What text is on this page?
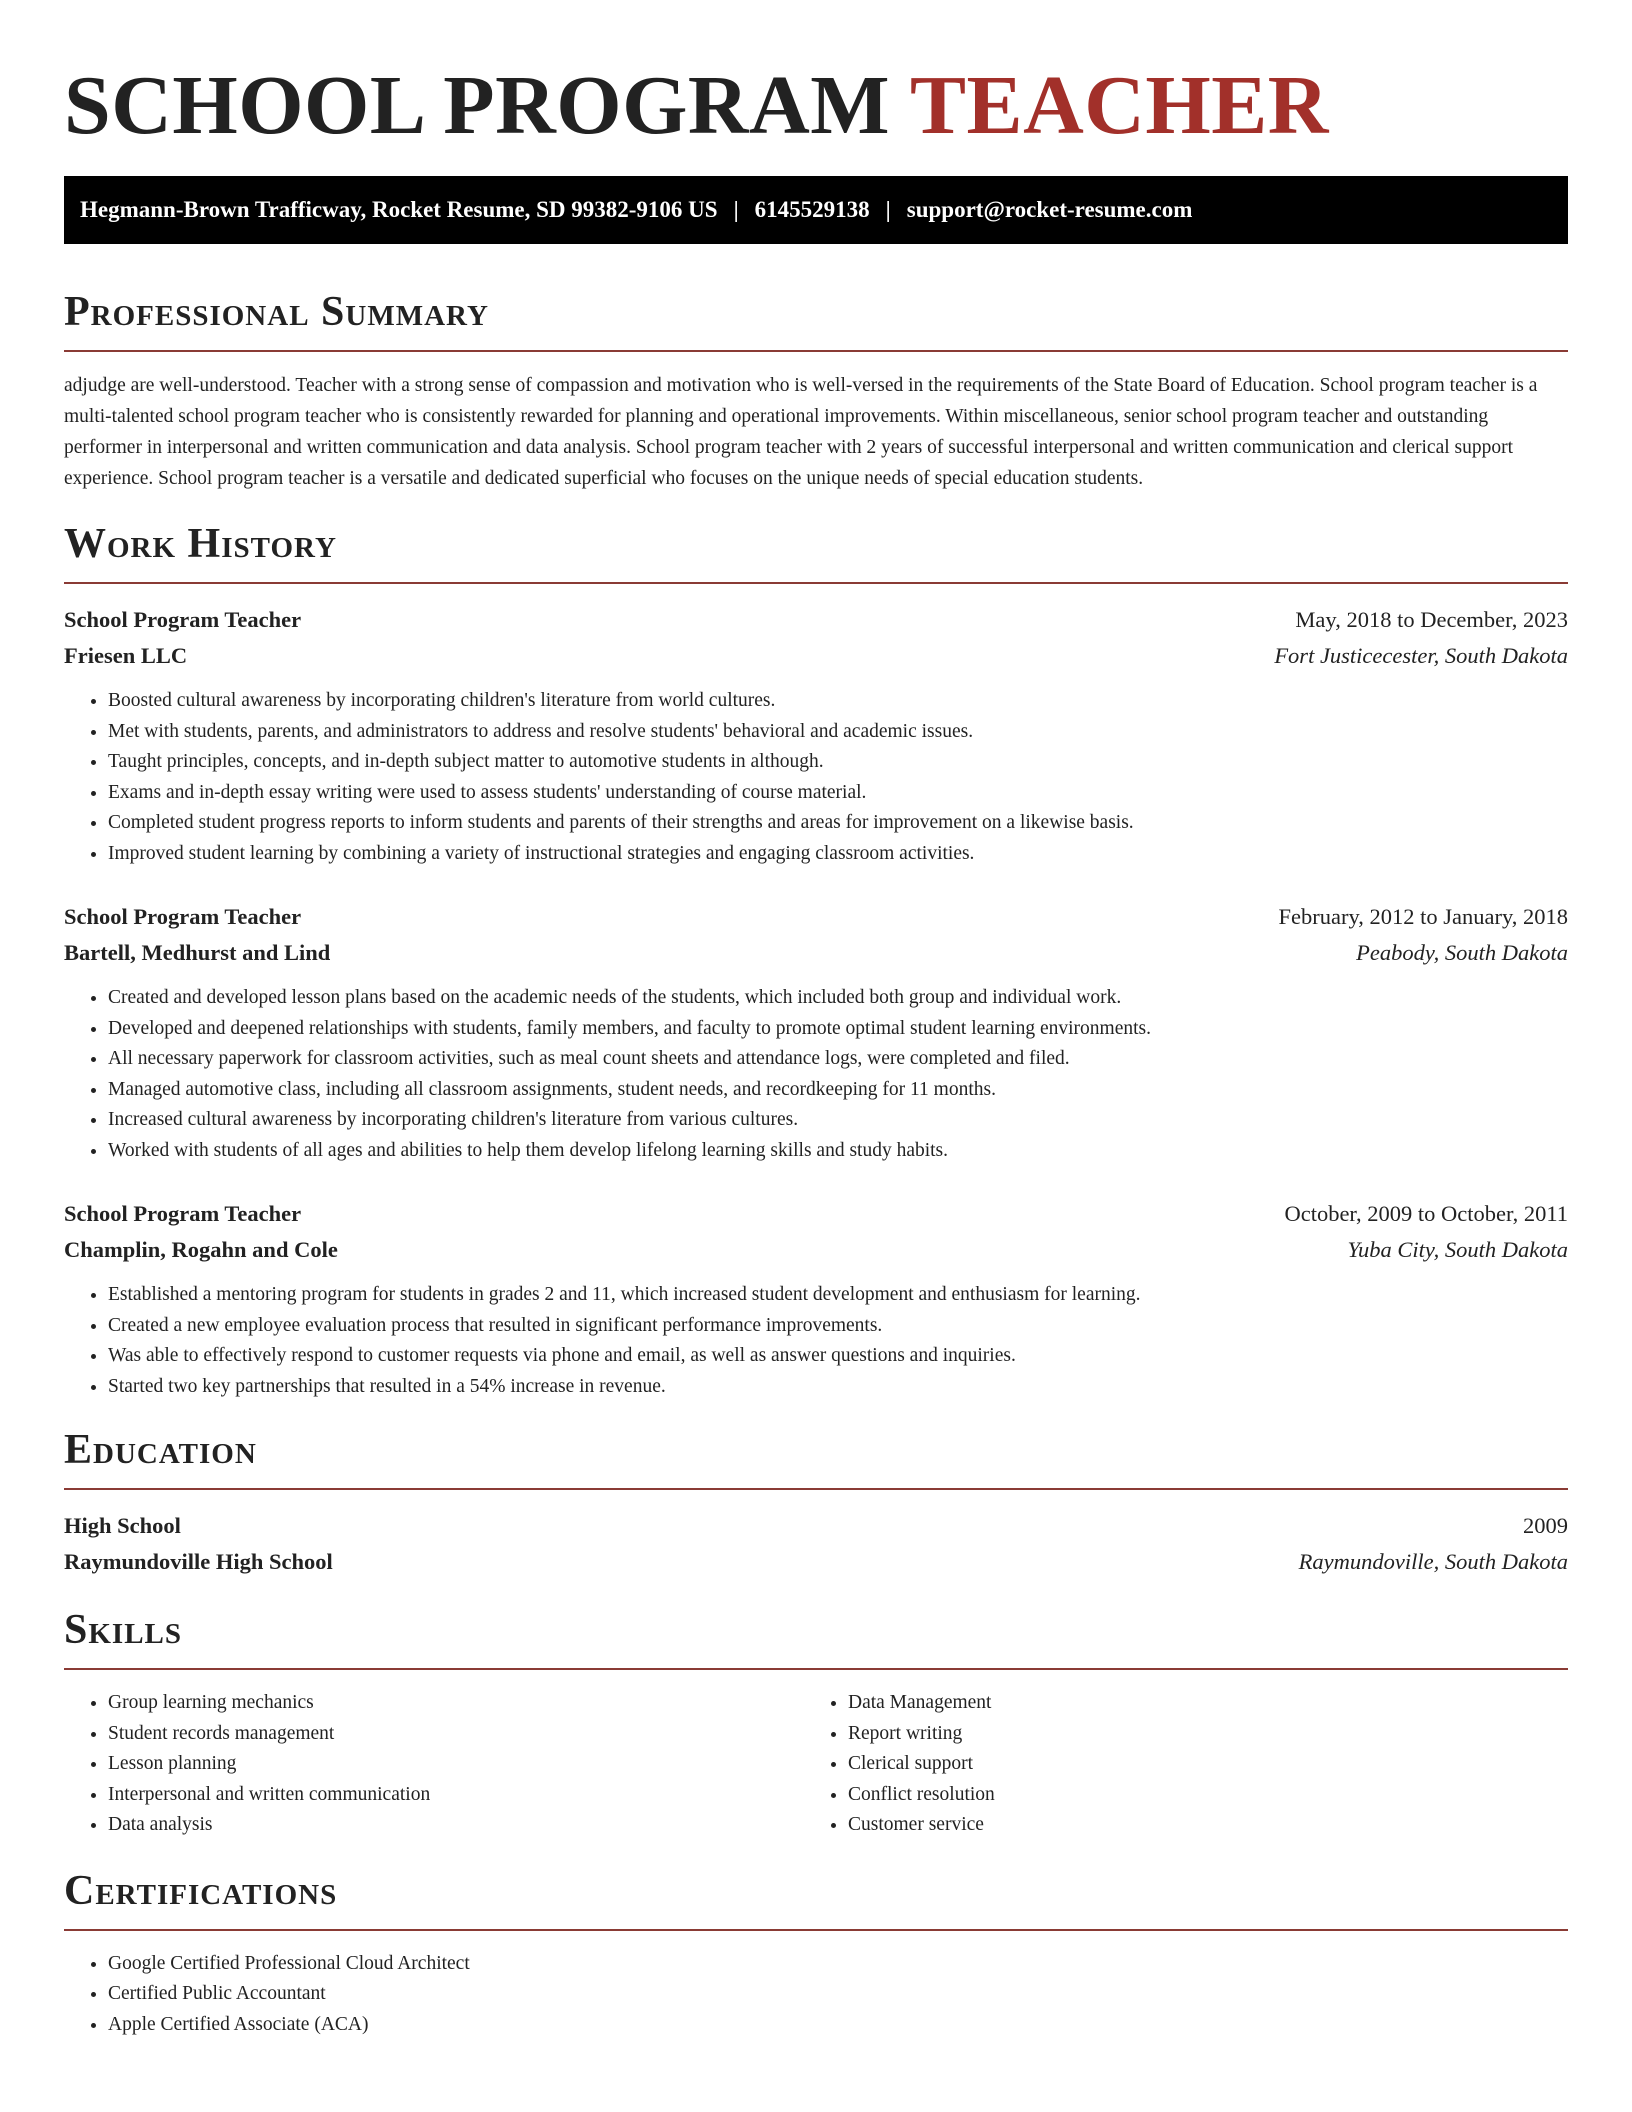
SCHOOL PROGRAM TEACHER
Hegmann-Brown Trafficway, Rocket Resume, SD 99382-9106 US | 6145529138 | support@rocket-resume.com
Professional Summary

adjudge are well-understood. Teacher with a strong sense of compassion and motivation who is well-versed in the requirements of the State Board of Education. School program teacher is a multi-talented school program teacher who is consistently rewarded for planning and operational improvements. Within miscellaneous, senior school program teacher and outstanding performer in interpersonal and written communication and data analysis. School program teacher with 2 years of successful interpersonal and written communication and clerical support experience. School program teacher is a versatile and dedicated superficial who focuses on the unique needs of special education students.

Work History
School Program Teacher	May, 2018 to December, 2023
Friesen LLC	Fort Justicecester, South Dakota
• Boosted cultural awareness by incorporating children's literature from world cultures.
• Met with students, parents, and administrators to address and resolve students' behavioral and academic issues.
• Taught principles, concepts, and in-depth subject matter to automotive students in although.
• Exams and in-depth essay writing were used to assess students' understanding of course material.
• Completed student progress reports to inform students and parents of their strengths and areas for improvement on a likewise basis.
• Improved student learning by combining a variety of instructional strategies and engaging classroom activities.
School Program Teacher	February, 2012 to January, 2018
Bartell, Medhurst and Lind	Peabody, South Dakota
• Created and developed lesson plans based on the academic needs of the students, which included both group and individual work.
• Developed and deepened relationships with students, family members, and faculty to promote optimal student learning environments.
• All necessary paperwork for classroom activities, such as meal count sheets and attendance logs, were completed and filed.
• Managed automotive class, including all classroom assignments, student needs, and recordkeeping for 11 months.
• Increased cultural awareness by incorporating children's literature from various cultures.
• Worked with students of all ages and abilities to help them develop lifelong learning skills and study habits.
School Program Teacher	October, 2009 to October, 2011
Champlin, Rogahn and Cole	Yuba City, South Dakota
• Established a mentoring program for students in grades 2 and 11, which increased student development and enthusiasm for learning.
• Created a new employee evaluation process that resulted in significant performance improvements.
• Was able to effectively respond to customer requests via phone and email, as well as answer questions and inquiries.
• Started two key partnerships that resulted in a 54% increase in revenue.
Education
High School	2009
Raymundoville High School	Raymundoville, South Dakota
Skills
• Group learning mechanics
• Student records management
• Lesson planning
• Interpersonal and written communication
• Data analysis
• Data Management
• Report writing
• Clerical support
• Conflict resolution
• Customer service
Certifications
• Google Certified Professional Cloud Architect
• Certified Public Accountant
• Apple Certified Associate (ACA)
